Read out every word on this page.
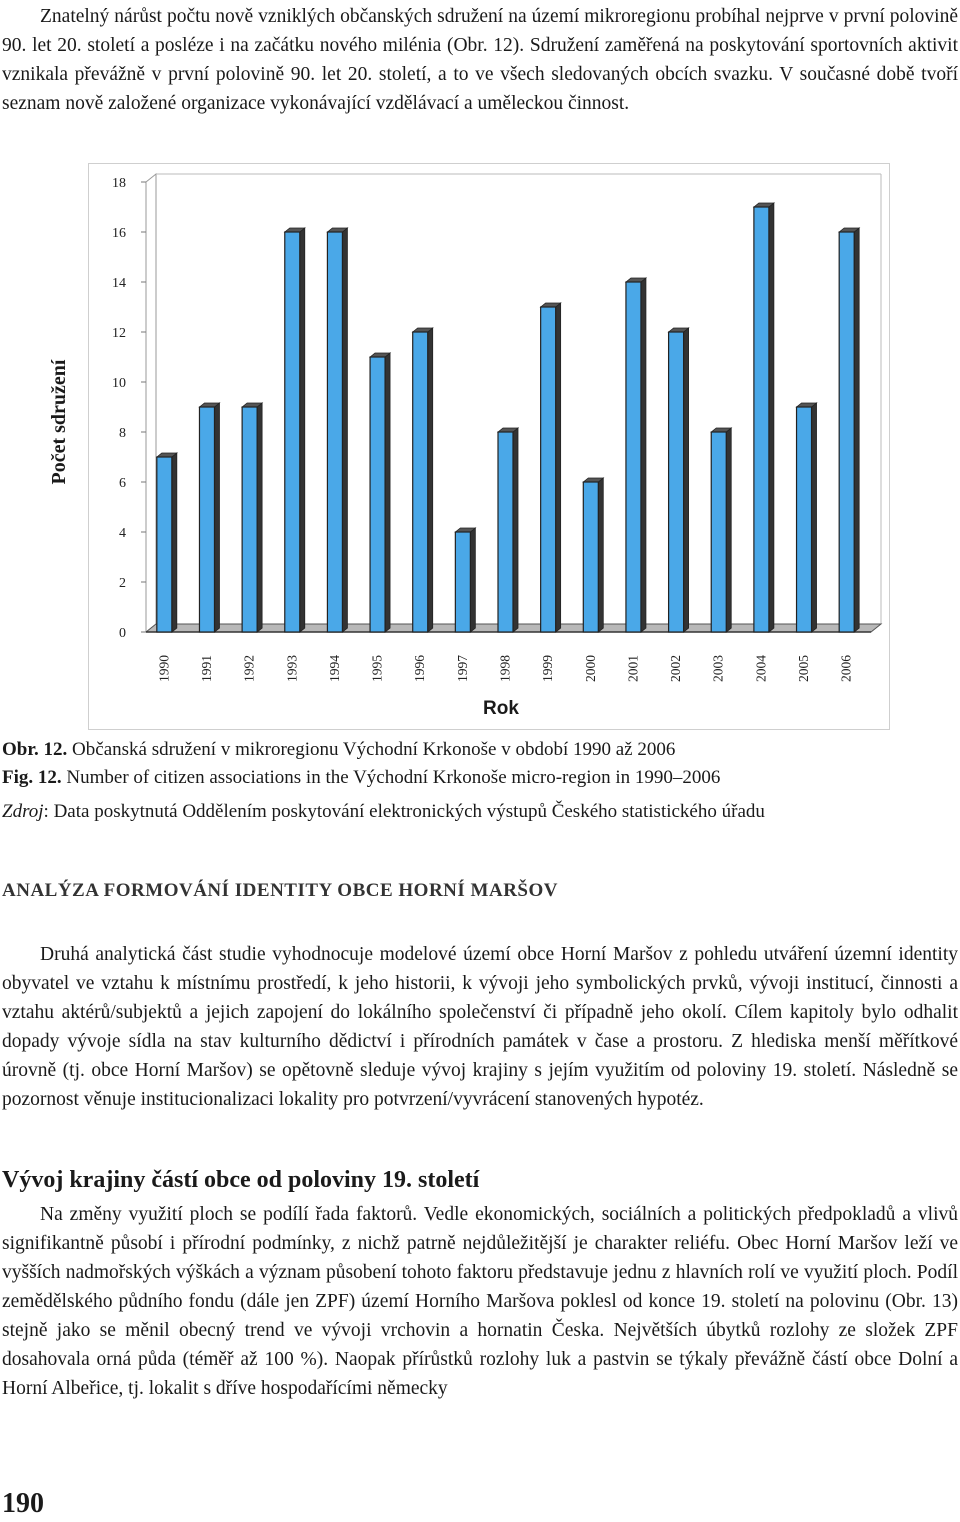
Znatelný nárůst počtu nově vzniklých občanských sdružení na území mikroregionu probíhal nejprve v první polovině 90. let 20. století a posléze i na začátku nového milénia (Obr. 12). Sdružení zaměřená na poskytování sportovních aktivit vznikala převážně v první polovině 90. let 20. století, a to ve všech sledovaných obcích svazku. V současné době tvoří seznam nově založené organizace vykonávající vzdělávací a uměleckou činnost.

0
2
4
6
8
10
12
14
16
18
1990 1991 1992 1993 1994 1995 1996 1997 1998 1999 2000 2001 2002 2003 2004 2005 2006
Rok
Obr. 12. Občanská sdružení v mikroregionu Východní Krkonoše v období 1990 až 2006
Fig. 12. Number of citizen associations in the Východní Krkonoše micro-region in 1990–2006
Zdroj: Data poskytnutá Oddělením poskytování elektronických výstupů Českého statistického úřadu
ANALÝZA FORMOVÁNÍ IDENTITY OBCE HORNÍ MARŠOV

Druhá analytická část studie vyhodnocuje modelové území obce Horní Maršov z pohledu utváření územní identity obyvatel ve vztahu k místnímu prostředí, k jeho historii, k vývoji jeho symbolických prvků, vývoji institucí, činnosti a vztahu aktérů/subjektů a jejich zapojení do lokálního společenství či případně jeho okolí. Cílem kapitoly bylo odhalit dopady vývoje sídla na stav kulturního dědictví i přírodních památek v čase a prostoru. Z hlediska menší měřítkové úrovně (tj. obce Horní Maršov) se opětovně sleduje vývoj krajiny s jejím využitím od poloviny 19. století. Následně se pozornost věnuje institucionalizaci lokality pro potvrzení/vyvrácení stanovených hypotéz.

Vývoj krajiny částí obce od poloviny 19. století

Na změny využití ploch se podílí řada faktorů. Vedle ekonomických, sociálních a politických předpokladů a vlivů signifikantně působí i přírodní podmínky, z nichž patrně nejdůležitější je charakter reliéfu. Obec Horní Maršov leží ve vyšších nadmořských výškách a význam působení tohoto faktoru představuje jednu z hlavních rolí ve využití ploch. Podíl zemědělského půdního fondu (dále jen ZPF) území Horního Maršova poklesl od konce 19. století na polovinu (Obr. 13) stejně jako se měnil obecný trend ve vývoji vrchovin a hornatin Česka. Největších úbytků rozlohy ze složek ZPF dosahovala orná půda (téměř až 100 %). Naopak přírůstků rozlohy luk a pastvin se týkaly převážně částí obce Dolní a Horní Albeřice, tj. lokalit s dříve hospodařícími německy

190
Počet sdružení
